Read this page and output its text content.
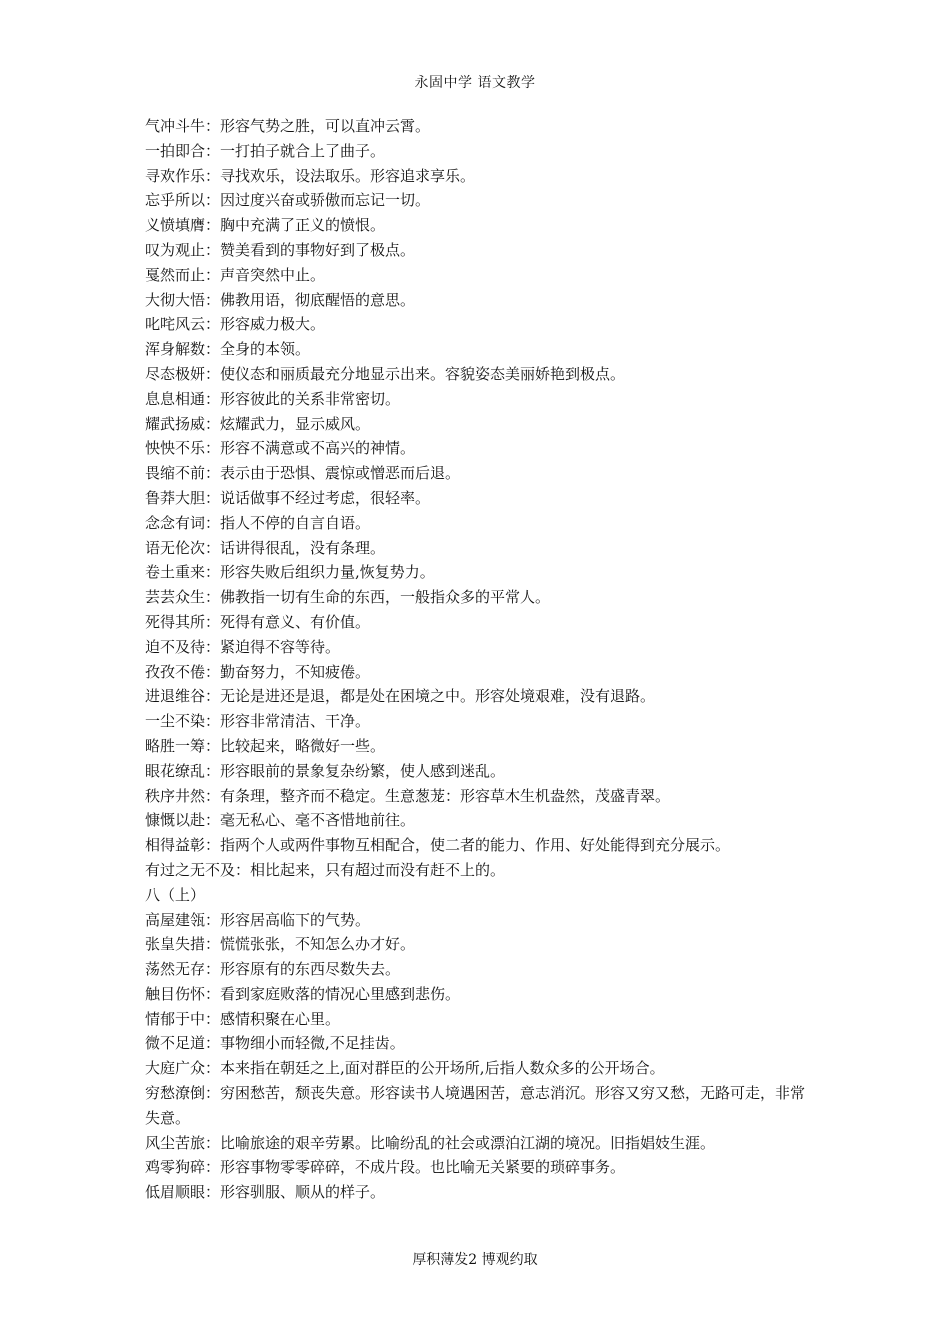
永固中学 语文教学
气冲斗牛：形容气势之胜，可以直冲云霄。
一拍即合：一打拍子就合上了曲子。
寻欢作乐：寻找欢乐，设法取乐。形容追求享乐。
忘乎所以：因过度兴奋或骄傲而忘记一切。
义愤填膺：胸中充满了正义的愤恨。
叹为观止：赞美看到的事物好到了极点。
戛然而止：声音突然中止。
大彻大悟：佛教用语，彻底醒悟的意思。
叱咤风云：形容威力极大。
浑身解数：全身的本领。
尽态极妍：使仪态和丽质最充分地显示出来。容貌姿态美丽娇艳到极点。
息息相通：形容彼此的关系非常密切。
耀武扬威：炫耀武力，显示威风。
怏怏不乐：形容不满意或不高兴的神情。
畏缩不前：表示由于恐惧、震惊或憎恶而后退。
鲁莽大胆：说话做事不经过考虑，很轻率。
念念有词：指人不停的自言自语。
语无伦次：话讲得很乱，没有条理。
卷土重来：形容失败后组织力量,恢复势力。
芸芸众生：佛教指一切有生命的东西，一般指众多的平常人。
死得其所：死得有意义、有价值。
迫不及待：紧迫得不容等待。
孜孜不倦：勤奋努力，不知疲倦。
进退维谷：无论是进还是退，都是处在困境之中。形容处境艰难，没有退路。
一尘不染：形容非常清洁、干净。
略胜一筹：比较起来，略微好一些。
眼花缭乱：形容眼前的景象复杂纷繁，使人感到迷乱。
秩序井然：有条理，整齐而不稳定。生意葱茏：形容草木生机盎然，茂盛青翠。
慷慨以赴：毫无私心、毫不吝惜地前往。
相得益彰：指两个人或两件事物互相配合，使二者的能力、作用、好处能得到充分展示。
有过之无不及：相比起来，只有超过而没有赶不上的。
八（上）
高屋建瓴：形容居高临下的气势。
张皇失措：慌慌张张，不知怎么办才好。
荡然无存：形容原有的东西尽数失去。
触目伤怀：看到家庭败落的情况心里感到悲伤。
情郁于中：感情积聚在心里。
微不足道：事物细小而轻微,不足挂齿。
大庭广众：本来指在朝廷之上,面对群臣的公开场所,后指人数众多的公开场合。
穷愁潦倒：穷困愁苦，颓丧失意。形容读书人境遇困苦，意志消沉。形容又穷又愁，无路可走，非常失意。
风尘苦旅：比喻旅途的艰辛劳累。比喻纷乱的社会或漂泊江湖的境况。旧指娼妓生涯。
鸡零狗碎：形容事物零零碎碎，不成片段。也比喻无关紧要的琐碎事务。
低眉顺眼：形容驯服、顺从的样子。
厚积薄发2 博观约取
